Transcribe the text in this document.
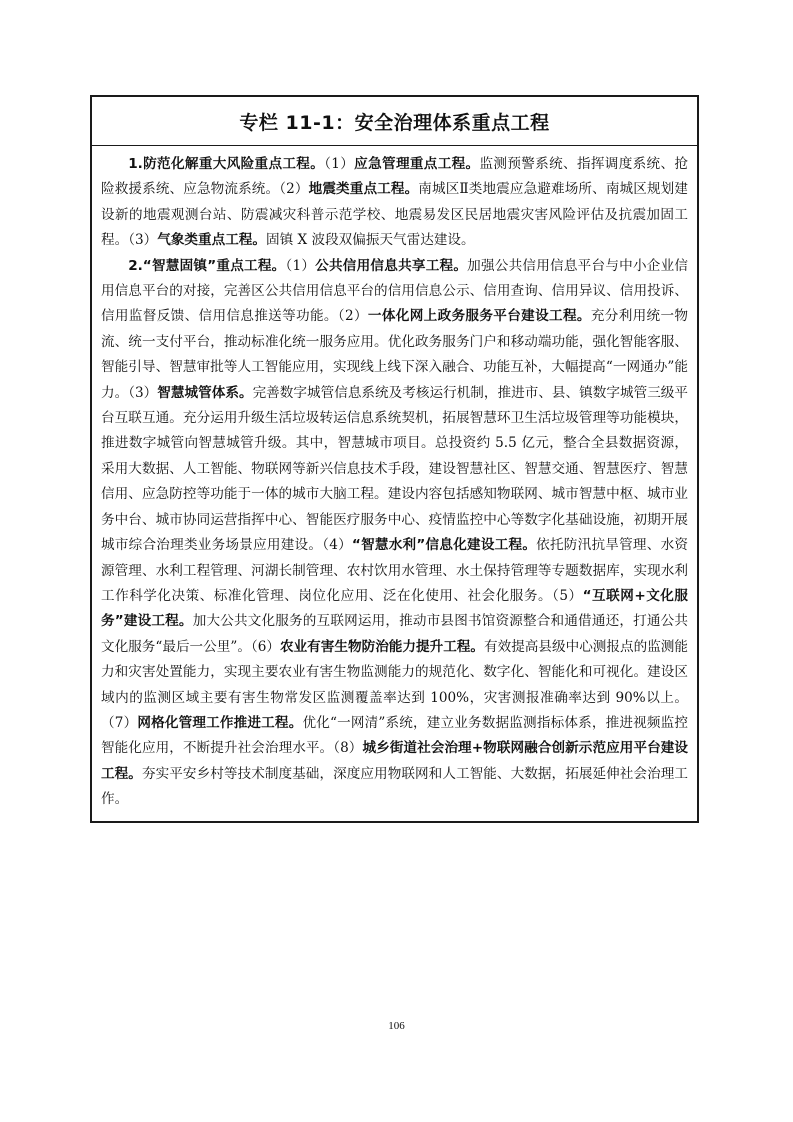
专栏 11-1：安全治理体系重点工程

1.防范化解重大风险重点工程。（1）应急管理重点工程。监测预警系统、指挥调度系统、抢险救援系统、应急物流系统。（2）地震类重点工程。南城区Ⅱ类地震应急避难场所、南城区规划建设新的地震观测台站、防震减灾科普示范学校、地震易发区民居地震灾害风险评估及抗震加固工程。（3）气象类重点工程。固镇 X 波段双偏振天气雷达建设。

2.“智慧固镇”重点工程。（1）公共信用信息共享工程。加强公共信用信息平台与中小企业信用信息平台的对接，完善区公共信用信息平台的信用信息公示、信用查询、信用异议、信用投诉、信用监督反馈、信用信息推送等功能。（2）一体化网上政务服务平台建设工程。充分利用统一物流、统一支付平台，推动标准化统一服务应用。优化政务服务门户和移动端功能，强化智能客服、智能引导、智慧审批等人工智能应用，实现线上线下深入融合、功能互补，大幅提高“一网通办”能力。（3）智慧城管体系。完善数字城管信息系统及考核运行机制，推进市、县、镇数字城管三级平台互联互通。充分运用升级生活垃圾转运信息系统契机，拓展智慧环卫生活垃圾管理等功能模块，推进数字城管向智慧城管升级。其中，智慧城市项目。总投资约 5.5 亿元，整合全县数据资源，采用大数据、人工智能、物联网等新兴信息技术手段，建设智慧社区、智慧交通、智慧医疗、智慧信用、应急防控等功能于一体的城市大脑工程。建设内容包括感知物联网、城市智慧中枢、城市业务中台、城市协同运营指挥中心、智能医疗服务中心、疫情监控中心等数字化基础设施，初期开展城市综合治理类业务场景应用建设。（4）“智慧水利”信息化建设工程。依托防汛抗旱管理、水资源管理、水利工程管理、河湖长制管理、农村饮用水管理、水土保持管理等专题数据库，实现水利工作科学化决策、标准化管理、岗位化应用、泛在化使用、社会化服务。（5）“互联网+文化服务”建设工程。加大公共文化服务的互联网运用，推动市县图书馆资源整合和通借通还，打通公共文化服务“最后一公里”。（6）农业有害生物防治能力提升工程。有效提高县级中心测报点的监测能力和灾害处置能力，实现主要农业有害生物监测能力的规范化、数字化、智能化和可视化。建设区域内的监测区域主要有害生物常发区监测覆盖率达到 100%，灾害测报准确率达到 90%以上。（7）网格化管理工作推进工程。优化“一网清”系统，建立业务数据监测指标体系，推进视频监控智能化应用，不断提升社会治理水平。（8）城乡街道社会治理+物联网融合创新示范应用平台建设工程。夯实平安乡村等技术制度基础，深度应用物联网和人工智能、大数据，拓展延伸社会治理工作。

106
